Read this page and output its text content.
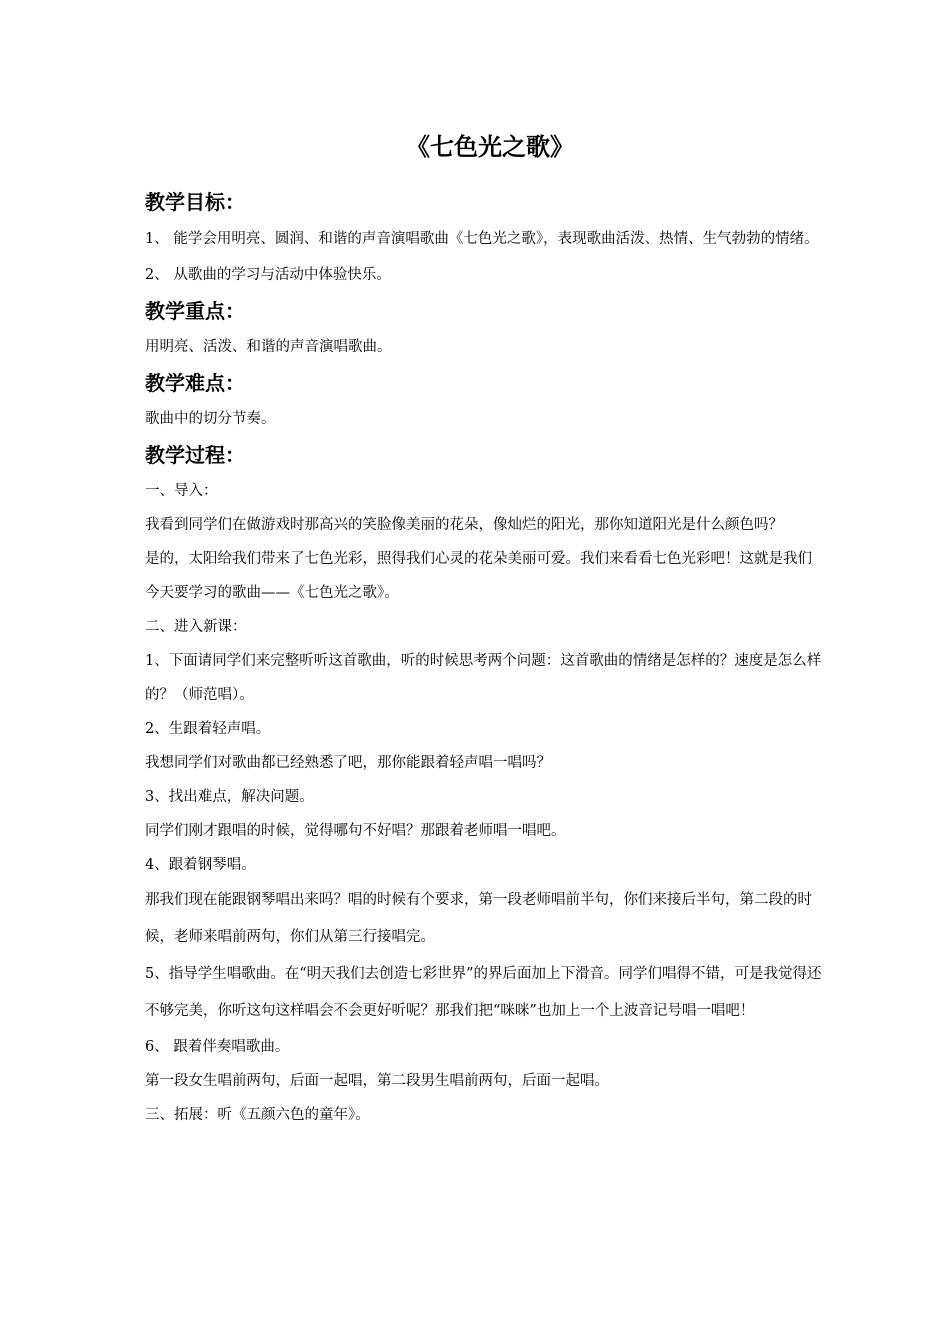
《七色光之歌》
教学目标：

1、 能学会用明亮、圆润、和谐的声音演唱歌曲《七色光之歌》，表现歌曲活泼、热情、生气勃勃的情绪。

2、 从歌曲的学习与活动中体验快乐。

教学重点：

用明亮、活泼、和谐的声音演唱歌曲。

教学难点：

歌曲中的切分节奏。

教学过程：

一、导入：

我看到同学们在做游戏时那高兴的笑脸像美丽的花朵，像灿烂的阳光，那你知道阳光是什么颜色吗？

是的，太阳给我们带来了七色光彩，照得我们心灵的花朵美丽可爱。我们来看看七色光彩吧！这就是我们今天要学习的歌曲——《七色光之歌》。

二、进入新课：

1、下面请同学们来完整听听这首歌曲，听的时候思考两个问题：这首歌曲的情绪是怎样的？速度是怎么样的？（师范唱）。

2、生跟着轻声唱。

我想同学们对歌曲都已经熟悉了吧，那你能跟着轻声唱一唱吗？

3、找出难点，解决问题。

同学们刚才跟唱的时候，觉得哪句不好唱？那跟着老师唱一唱吧。

4、跟着钢琴唱。

那我们现在能跟钢琴唱出来吗？唱的时候有个要求，第一段老师唱前半句，你们来接后半句，第二段的时候，老师来唱前两句，你们从第三行接唱完。

5、指导学生唱歌曲。在“明天我们去创造七彩世界”的界后面加上下滑音。同学们唱得不错，可是我觉得还不够完美，你听这句这样唱会不会更好听呢？那我们把“咪咪”也加上一个上波音记号唱一唱吧！

6、 跟着伴奏唱歌曲。

第一段女生唱前两句，后面一起唱，第二段男生唱前两句，后面一起唱。

三、拓展：听《五颜六色的童年》。
